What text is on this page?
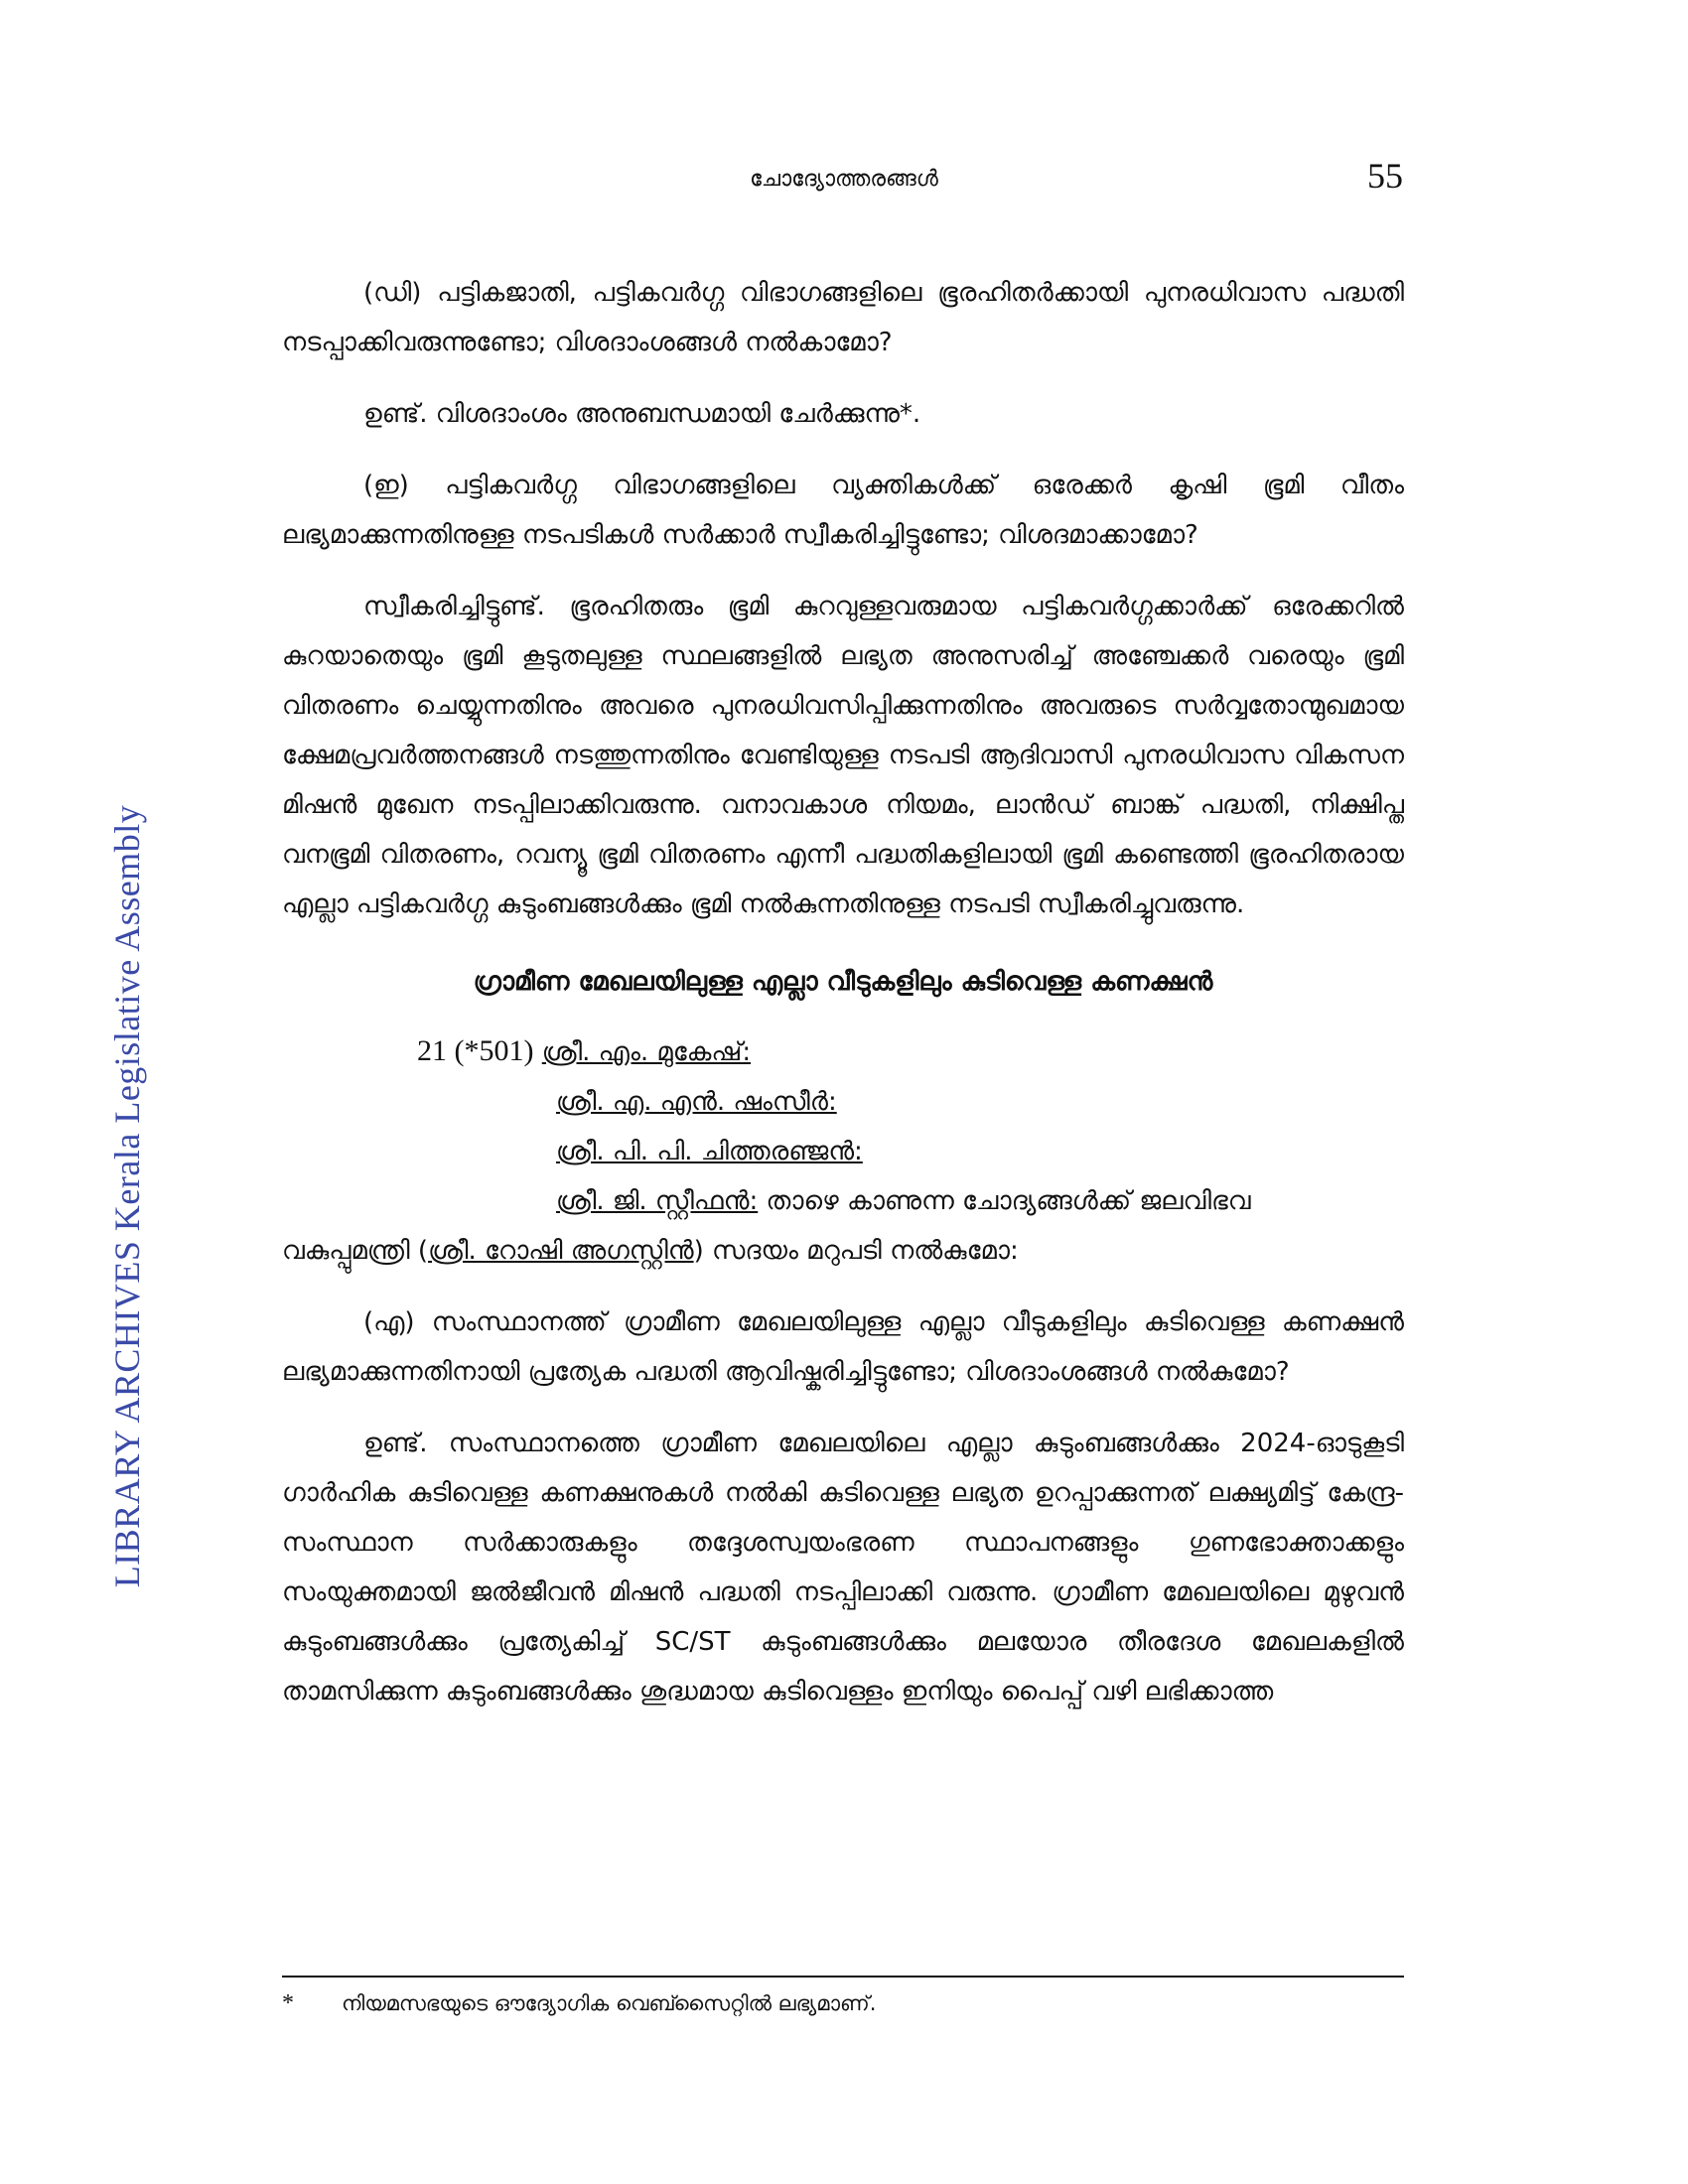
LIBRARY ARCHIVES Kerala Legislative Assembly
ചോദ്യോത്തരങ്ങൾ	55

(ഡി) പട്ടികജാതി, പട്ടികവർഗ്ഗ വിഭാഗങ്ങളിലെ ഭൂരഹിതർക്കായി പുനരധിവാസ പദ്ധതി നടപ്പാക്കിവരുന്നുണ്ടോ; വിശദാംശങ്ങൾ നൽകാമോ?

ഉണ്ട്. വിശദാംശം അനുബന്ധമായി ചേർക്കുന്നു*.

(ഇ) പട്ടികവർഗ്ഗ വിഭാഗങ്ങളിലെ വ്യക്തികൾക്ക് ഒരേക്കർ കൃഷി ഭൂമി വീതം ലഭ്യമാക്കുന്നതിനുള്ള നടപടികൾ സർക്കാർ സ്വീകരിച്ചിട്ടുണ്ടോ; വിശദമാക്കാമോ?

സ്വീകരിച്ചിട്ടുണ്ട്. ഭൂരഹിതരും ഭൂമി കുറവുള്ളവരുമായ പട്ടികവർഗ്ഗക്കാർക്ക് ഒരേക്കറിൽ കുറയാതെയും ഭൂമി കൂടുതലുള്ള സ്ഥലങ്ങളിൽ ലഭ്യത അനുസരിച്ച് അഞ്ചേക്കർ വരെയും ഭൂമി വിതരണം ചെയ്യുന്നതിനും അവരെ പുനരധിവസിപ്പിക്കുന്നതിനും അവരുടെ സർവ്വതോന്മുഖമായ ക്ഷേമപ്രവർത്തനങ്ങൾ നടത്തുന്നതിനും വേണ്ടിയുള്ള നടപടി ആദിവാസി പുനരധിവാസ വികസന മിഷൻ മുഖേന നടപ്പിലാക്കിവരുന്നു. വനാവകാശ നിയമം, ലാൻഡ് ബാങ്ക് പദ്ധതി, നിക്ഷിപ്ത വനഭൂമി വിതരണം, റവന്യൂ ഭൂമി വിതരണം എന്നീ പദ്ധതികളിലായി ഭൂമി കണ്ടെത്തി ഭൂരഹിതരായ എല്ലാ പട്ടികവർഗ്ഗ കുടുംബങ്ങൾക്കും ഭൂമി നൽകുന്നതിനുള്ള നടപടി സ്വീകരിച്ചുവരുന്നു.

ഗ്രാമീണ മേഖലയിലുള്ള എല്ലാ വീടുകളിലും കുടിവെള്ള കണക്ഷൻ
21 (*501) ശ്രീ. എം. മുകേഷ്:
ശ്രീ. എ. എൻ. ഷംസീർ:
ശ്രീ. പി. പി. ചിത്തരഞ്ജൻ:
ശ്രീ. ജി. സ്റ്റീഫൻ: താഴെ കാണുന്ന ചോദ്യങ്ങൾക്ക് ജലവിഭവ
വകുപ്പുമന്ത്രി (ശ്രീ. റോഷി അഗസ്റ്റിൻ) സദയം മറുപടി നൽകുമോ:

(എ) സംസ്ഥാനത്ത് ഗ്രാമീണ മേഖലയിലുള്ള എല്ലാ വീടുകളിലും കുടിവെള്ള കണക്ഷൻ ലഭ്യമാക്കുന്നതിനായി പ്രത്യേക പദ്ധതി ആവിഷ്കരിച്ചിട്ടുണ്ടോ; വിശദാംശങ്ങൾ നൽകുമോ?

ഉണ്ട്. സംസ്ഥാനത്തെ ഗ്രാമീണ മേഖലയിലെ എല്ലാ കുടുംബങ്ങൾക്കും 2024-ഓടുകൂടി ഗാർഹിക കുടിവെള്ള കണക്ഷനുകൾ നൽകി കുടിവെള്ള ലഭ്യത ഉറപ്പാക്കുന്നത് ലക്ഷ്യമിട്ട് കേന്ദ്ര-സംസ്ഥാന സർക്കാരുകളും തദ്ദേശസ്വയംഭരണ സ്ഥാപനങ്ങളും ഗുണഭോക്താക്കളും സംയുക്തമായി ജൽജീവൻ മിഷൻ പദ്ധതി നടപ്പിലാക്കി വരുന്നു. ഗ്രാമീണ മേഖലയിലെ മുഴുവൻ കുടുംബങ്ങൾക്കും പ്രത്യേകിച്ച് SC/ST കുടുംബങ്ങൾക്കും മലയോര തീരദേശ മേഖലകളിൽ താമസിക്കുന്ന കുടുംബങ്ങൾക്കും ശുദ്ധമായ കുടിവെള്ളം ഇനിയും പൈപ്പ് വഴി ലഭിക്കാത്ത

* നിയമസഭയുടെ ഔദ്യോഗിക വെബ്സൈറ്റിൽ ലഭ്യമാണ്.
